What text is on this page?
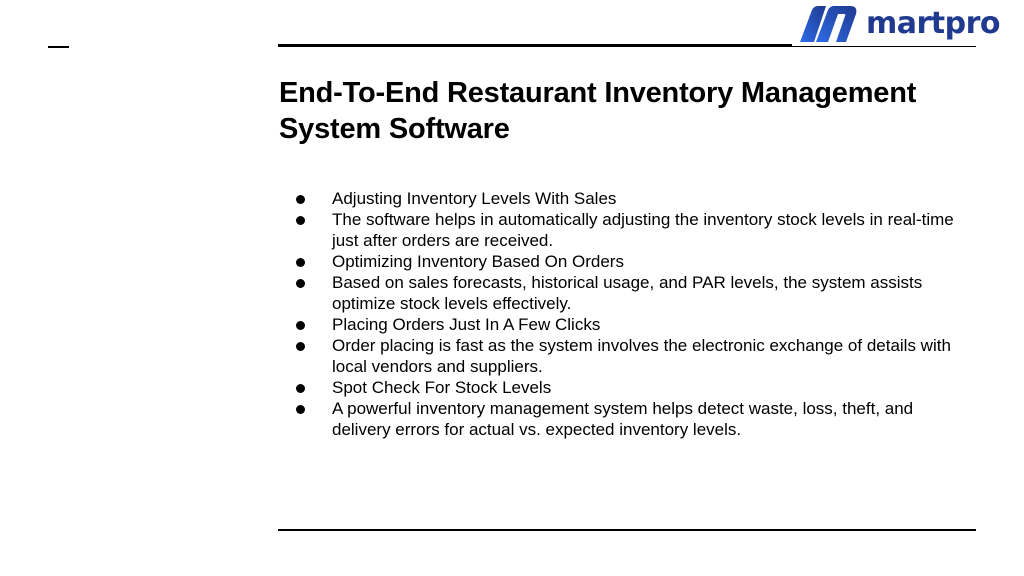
martpro
End-To-End Restaurant Inventory Management System Software
Adjusting Inventory Levels With Sales
The software helps in automatically adjusting the inventory stock levels in real-time just after orders are received.
Optimizing Inventory Based On Orders
Based on sales forecasts, historical usage, and PAR levels, the system assists optimize stock levels effectively.
Placing Orders Just In A Few Clicks
Order placing is fast as the system involves the electronic exchange of details with local vendors and suppliers.
Spot Check For Stock Levels
A powerful inventory management system helps detect waste, loss, theft, and delivery errors for actual vs. expected inventory levels.
